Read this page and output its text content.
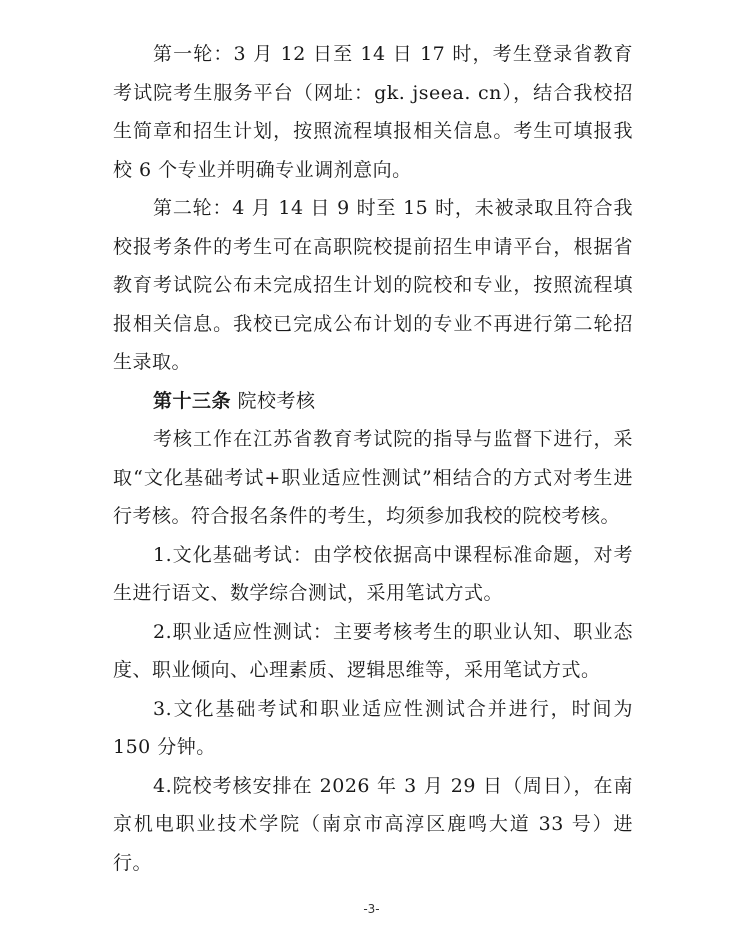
第一轮：3 月 12 日至 14 日 17 时，考生登录省教育考试院考生服务平台（网址：gk. jseea. cn），结合我校招生简章和招生计划，按照流程填报相关信息。考生可填报我校 6 个专业并明确专业调剂意向。

第二轮：4 月 14 日 9 时至 15 时，未被录取且符合我校报考条件的考生可在高职院校提前招生申请平台，根据省教育考试院公布未完成招生计划的院校和专业，按照流程填报相关信息。我校已完成公布计划的专业不再进行第二轮招生录取。

第十三条 院校考核

考核工作在江苏省教育考试院的指导与监督下进行，采取“文化基础考试+职业适应性测试”相结合的方式对考生进行考核。符合报名条件的考生，均须参加我校的院校考核。

1.文化基础考试：由学校依据高中课程标准命题，对考生进行语文、数学综合测试，采用笔试方式。

2.职业适应性测试：主要考核考生的职业认知、职业态度、职业倾向、心理素质、逻辑思维等，采用笔试方式。

3.文化基础考试和职业适应性测试合并进行，时间为 150 分钟。

4.院校考核安排在 2026 年 3 月 29 日（周日），在南京机电职业技术学院（南京市高淳区鹿鸣大道 33 号）进行。

-3-
